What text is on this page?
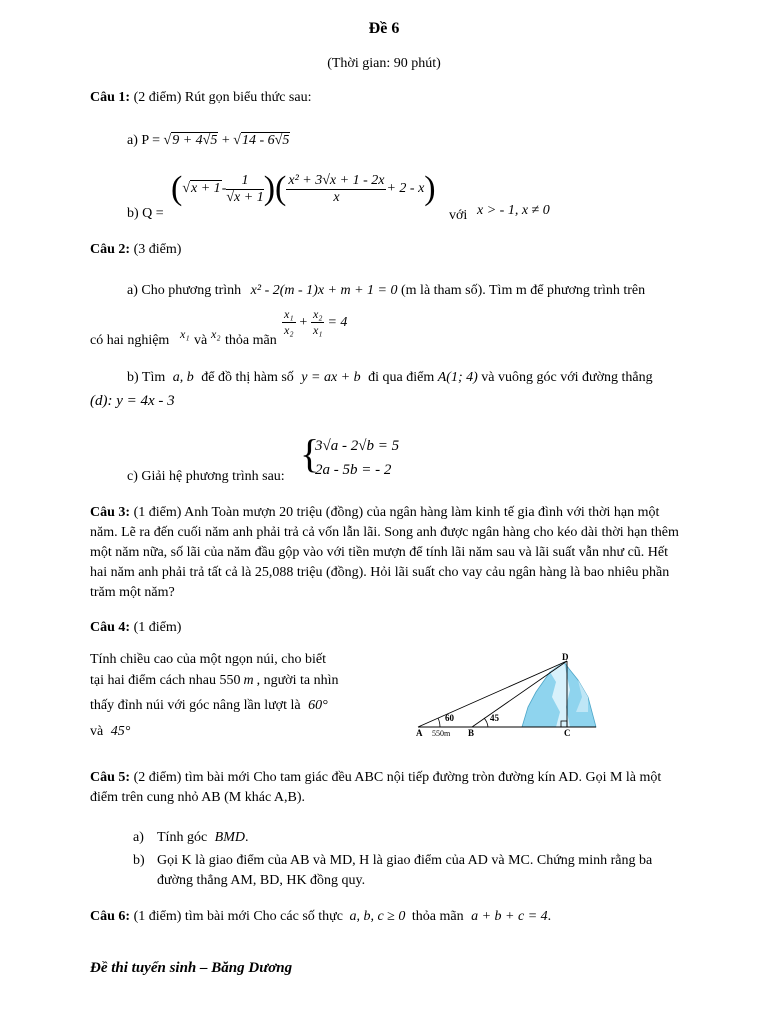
Đề 6
(Thời gian: 90 phút)
Câu 1: (2 điểm) Rút gọn biểu thức sau:
a) P = √9 + 4√5 + √14 - 6√5
b) Q =
( $√x + 1 - \frac{1}{√x + 1}$ ) ( $\frac{\text{x² + 3√x + 1 - 2x}}{x} + 2 - x$ )
với x > - 1, x ≠ 0
Câu 2: (3 điểm)
a) Cho phương trình x² - 2(m - 1)x + m + 1 = 0 (m là tham số). Tìm m để phương trình trên
có hai nghiệm x₁ và x₂ thỏa mãn
$\frac{\text{x₁}}{\text{x₂}} + \frac{\text{x₂}}{\text{x₁}} = 4$
b) Tìm a, b để đồ thị hàm số y = ax + b đi qua điểm A(1; 4) và vuông góc với đường thẳng
(d): y = 4x - 3
c) Giải hệ phương trình sau:
{
3√a - 2√b = 5
2a - 5b = - 2
Câu 3: (1 điểm) Anh Toàn mượn 20 triệu (đồng) của ngân hàng làm kinh tế gia đình với thời hạn một năm. Lẽ ra đến cuối năm anh phải trả cả vốn lẫn lãi. Song anh được ngân hàng cho kéo dài thời hạn thêm một năm nữa, số lãi của năm đầu gộp vào với tiền mượn để tính lãi năm sau và lãi suất vẫn như cũ. Hết hai năm anh phải trả tất cả là 25,088 triệu (đồng). Hỏi lãi suất cho vay cảu ngân hàng là bao nhiêu phần trăm một năm?
Câu 4: (1 điểm)
Tính chiều cao của một ngọn núi, cho biết
tại hai điểm cách nhau 550 m , người ta nhìn
thấy đỉnh núi với góc nâng lần lượt là 60°
và 45°
D
60	45
A 550m B	C
Câu 5: (2 điểm) tìm bài mới Cho tam giác đều ABC nội tiếp đường tròn đường kín AD. Gọi M là một điểm trên cung nhỏ AB (M khác A,B).
a) Tính góc BMD.
b) Gọi K là giao điểm của AB và MD, H là giao điểm của AD và MC. Chứng minh rằng ba đường thẳng AM, BD, HK đồng quy.
Câu 6: (1 điểm) tìm bài mới Cho các số thực a, b, c ≥ 0 thỏa mãn a + b + c = 4.
Đề thi tuyển sinh – Băng Dương
